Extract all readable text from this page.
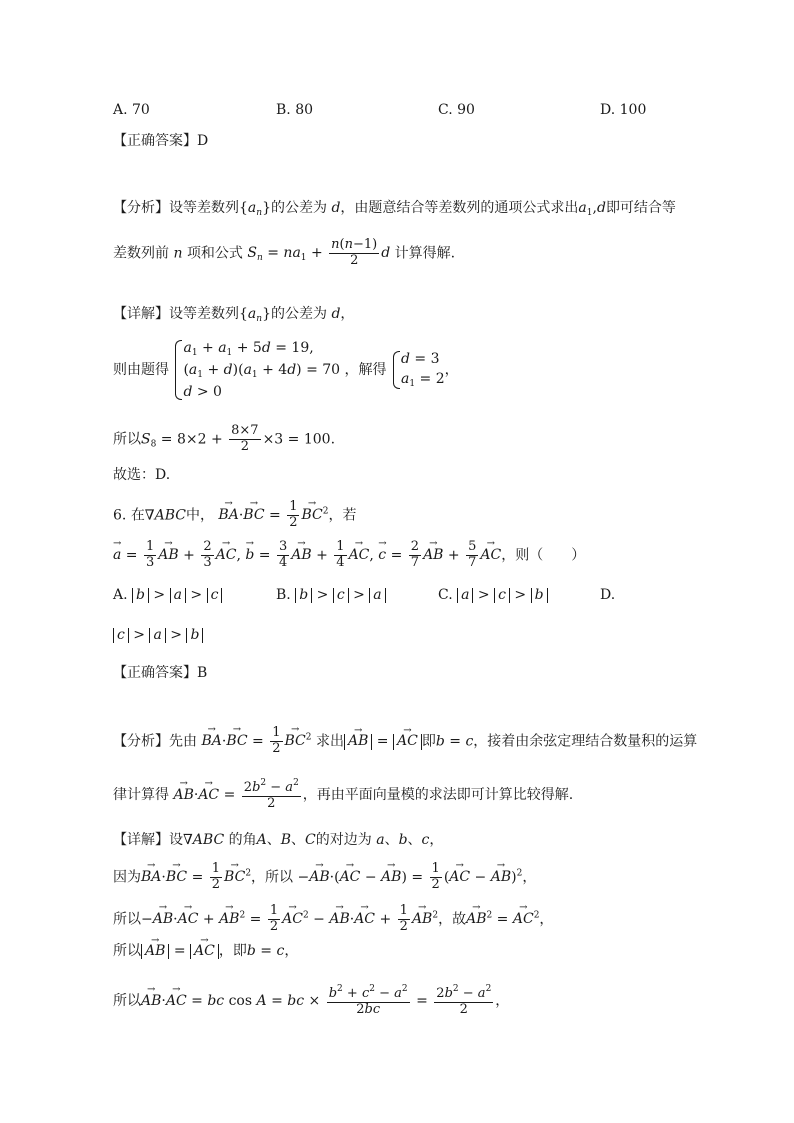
A. 70	B. 80	C. 90	D. 100
【正确答案】D
【分析】设等差数列$\{a_n\}$的公差为 d，由题意结合等差数列的通项公式求出$a_1,d$即可结合等
差数列前 n 项和公式 $S_n = na_1 + \frac{n(n-1)}{2}$ d 计算得解.
【详解】设等差数列$\{a_n\}$的公差为 d，
则由题得
$a_1 + a_1 + 5d = 19$,
$(a_1 + d)(a_1 + 4d) = 70$
d > 0
，解得
d = 3
$a_1 = 2$
，
所以$S_8 = 8\times 2 + \frac{8\times 7}{2} \times 3 = 100$.
故选：D.
6. 在∇ABC中， → BA·→ BC = $\frac{1}{2}$
→ $BC^2$，若
→ $a = \frac{1}{3}$
→ AB + $\frac{2}{3}$
→ AC, → $b = \frac{3}{4}$
→ AB + $\frac{1}{4}$
→ AC, → $c = \frac{2}{7}$
→ AB + $\frac{5}{7}$
→ AC，则（　　）
A. b > a > c	B. b > c > a	C. a > c > b	D.
c > a > b
【正确答案】B
【分析】先由 → BA·→ BC = $\frac{1}{2}$
→ $BC^2$ 求出→ AB = → AC 即b = c，接着由余弦定理结合数量积的运算
律计算得 → AB·→ AC = $\frac{2b^2 - a^2}{2}$ ，再由平面向量模的求法即可计算比较得解.
【详解】设∇ABC 的角A、B、C的对边为 a、b、c，
因为→ BA·→ BC = $\frac{1}{2}$
→ $BC^2$，所以 −→ AB·(→ AC − → $AB) = \frac{1}{2}$ (→ AC − → AB)$^2$，
所以−→ AB·→ AC + → $AB^2 = \frac{1}{2}$
→ $AC^2$ − → AB·→ AC + $\frac{1}{2}$
→ $AB^2$，故→ $AB^2$ = → $AC^2$，
所以→ AB = → AC ，即b = c，
所以→ AB·→ AC = bc cos A = bc × $\frac{b^2 + c^2 - a^2}{2bc} = \frac{2b^2 - a^2}{2}$ ，
